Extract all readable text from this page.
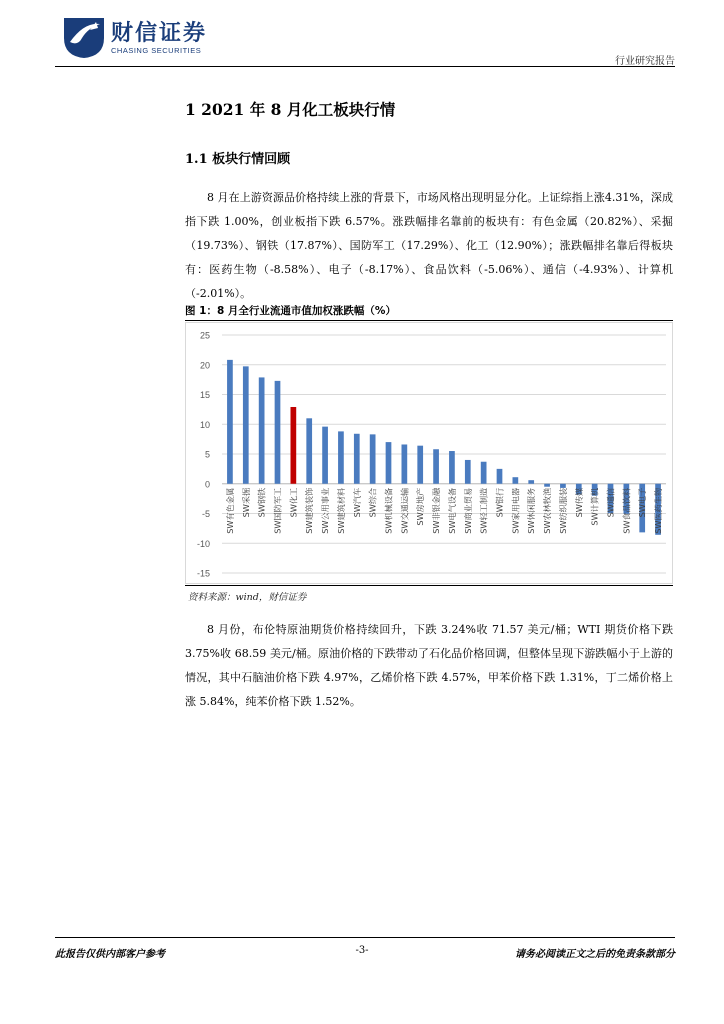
财信证券
CHASING SECURITIES
行业研究报告
1 2021 年 8 月化工板块行情
1.1 板块行情回顾

8 月在上游资源品价格持续上涨的背景下，市场风格出现明显分化。上证综指上涨4.31%，深成指下跌 1.00%，创业板指下跌 6.57%。涨跌幅排名靠前的板块有：有色金属（20.82%）、采掘（19.73%）、钢铁（17.87%）、国防军工（17.29%）、化工（12.90%）；涨跌幅排名靠后得板块有：医药生物（-8.58%）、电子（-8.17%）、食品饮料（-5.06%）、通信（-4.93%）、计算机（-2.01%）。

图 1：8 月全行业流通市值加权涨跌幅（%）
25
20
15
10
5
0
-5
-10
-15
SW有色金属 SW采掘 SW钢铁 SW国防军工 SW化工 SW建筑装饰 SW公用事业 SW建筑材料 SW汽车 SW综合 SW机械设备 SW交通运输 SW房地产 SW非银金融 SW电气设备 SW商业贸易 SW轻工制造 SW银行 SW家用电器 SW休闲服务 SW农林牧渔 SW纺织服装 SW传媒 SW计算机 SW通信 SW食品饮料 SW电子 SW医药生物
资料来源：wind，财信证券

8 月份，布伦特原油期货价格持续回升，下跌 3.24%收 71.57 美元/桶；WTI 期货价格下跌 3.75%收 68.59 美元/桶。原油价格的下跌带动了石化品价格回调，但整体呈现下游跌幅小于上游的情况，其中石脑油价格下跌 4.97%，乙烯价格下跌 4.57%，甲苯价格下跌 1.31%，丁二烯价格上涨 5.84%，纯苯价格下跌 1.52%。

此报告仅供内部客户参考	-3-	请务必阅读正文之后的免责条款部分
